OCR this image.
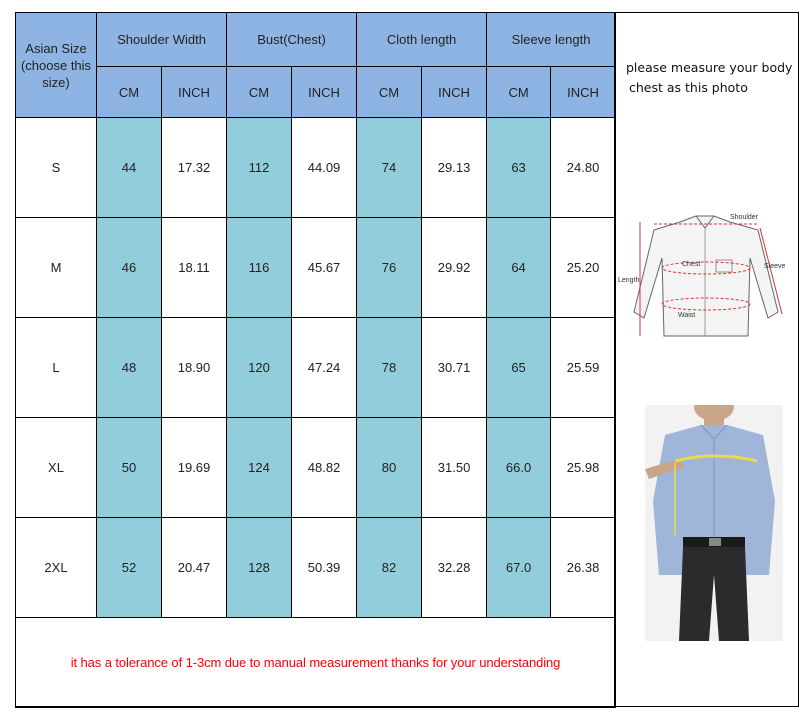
Asian Size (choose this size)	Shoulder Width		Bust(Chest)		Cloth length		Sleeve length	
	CM	INCH	CM	INCH	CM	INCH	CM	INCH
S	44	17.32	112	44.09	74	29.13	63	24.80
M	46	18.11	116	45.67	76	29.92	64	25.20
L	48	18.90	120	47.24	78	30.71	65	25.59
XL	50	19.69	124	48.82	80	31.50	66.0	25.98
2XL	52	20.47	128	50.39	82	32.28	67.0	26.38
it has a tolerance of 1-3cm due to manual measurement thanks for your understanding								
please measure your body
chest as this photo
Shoulder
Chest	Sleeve
Length
Waist
